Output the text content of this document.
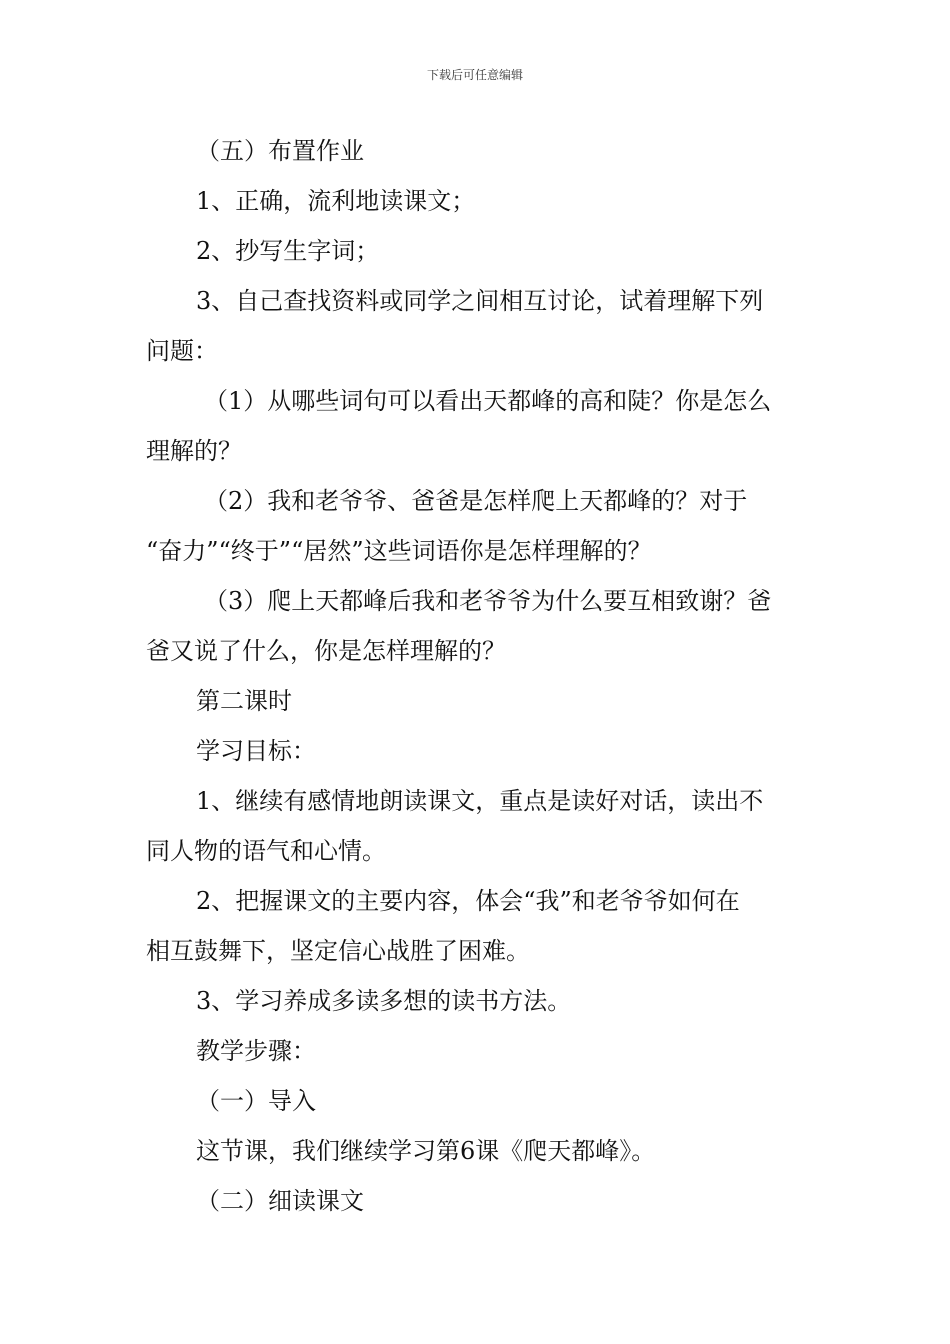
下载后可任意编辑
（五）布置作业
1、正确，流利地读课文；
2、抄写生字词；
3、自己查找资料或同学之间相互讨论，试着理解下列
问题：
（1）从哪些词句可以看出天都峰的高和陡？你是怎么
理解的？
（2）我和老爷爷、爸爸是怎样爬上天都峰的？对于
“奋力”“终于”“居然”这些词语你是怎样理解的？
（3）爬上天都峰后我和老爷爷为什么要互相致谢？爸
爸又说了什么，你是怎样理解的？
第二课时
学习目标：
1、继续有感情地朗读课文，重点是读好对话，读出不
同人物的语气和心情。
2、把握课文的主要内容，体会“我”和老爷爷如何在
相互鼓舞下，坚定信心战胜了困难。
3、学习养成多读多想的读书方法。
教学步骤：
（一）导入
这节课，我们继续学习第6课《爬天都峰》。
（二）细读课文
